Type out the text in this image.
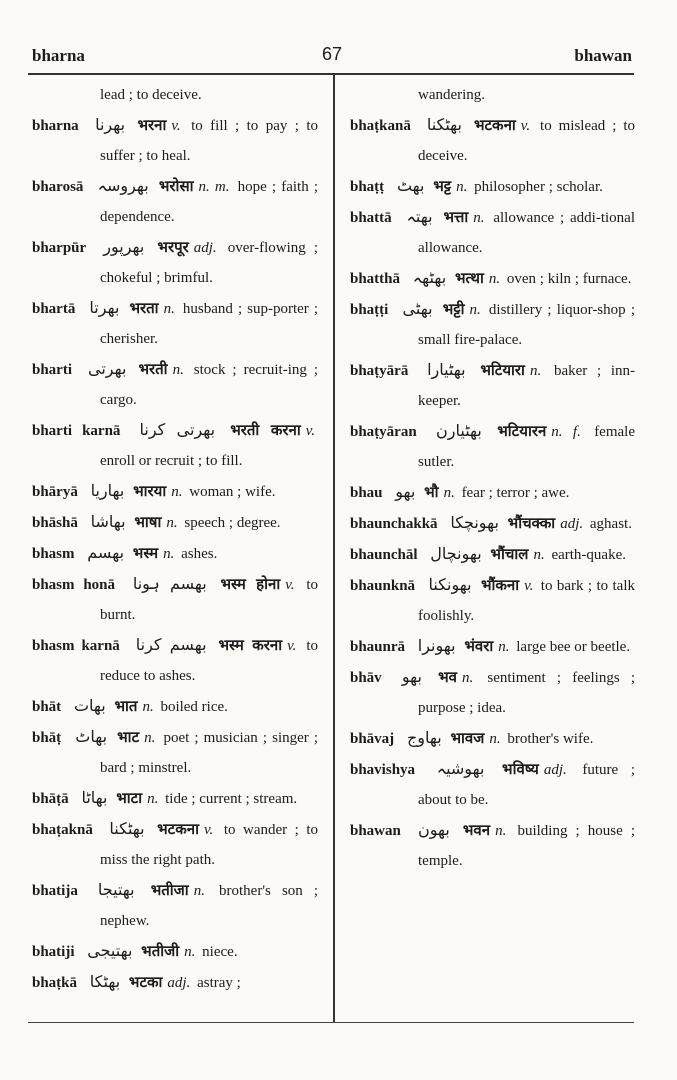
bharna	67	bhawan
lead ; to deceive.
bharna بھرنا भरना v. to fill ; to pay ; to suffer ; to heal.
bharosā بھروسہ भरोसा n. m. hope ; faith ; dependence.
bharpūr بھرپور भरपूर adj. over-flowing ; chokeful ; brimful.
bhartā بھرتا भरता n. husband ; sup-porter ; cherisher.
bharti بھرتی भरती n. stock ; recruit-ing ; cargo.
bharti karnā بھرتی کرنا भरती करना v. enroll or recruit ; to fill.
bhāryā بھاریا भारया n. woman ; wife.
bhāshā بھاشا भाषा n. speech ; degree.
bhasm بھسم भस्म n. ashes.
bhasm honā بھسم ہونا भस्म होना v. to burnt.
bhasm karnā بھسم کرنا भस्म करना v. to reduce to ashes.
bhāt بھات भात n. boiled rice.
bhāṭ بھاٹ भाट n. poet ; musician ; singer ; bard ; minstrel.
bhāṭā بھاٹا भाटा n. tide ; current ; stream.
bhaṭaknā بھٹکنا भटकना v. to wander ; to miss the right path.
bhatija بھتیجا भतीजा n. brother's son ; nephew.
bhatiji بھتیجی भतीजी n. niece.
bhaṭkā بھٹکا भटका adj. astray ;
wandering.
bhaṭkanā بھٹکنا भटकना v. to mislead ; to deceive.
bhaṭṭ بھٹ भट्ट n. philosopher ; scholar.
bhattā بھتہ भत्ता n. allowance ; addi-tional allowance.
bhatthā بھٹھہ भत्था n. oven ; kiln ; furnace.
bhaṭṭi بھٹی भट्टी n. distillery ; liquor-shop ; small fire-palace.
bhaṭyārā بھٹیارا भटियारा n. baker ; inn-keeper.
bhaṭyāran بھٹیارن भटियारन n. f. female sutler.
bhau بھو भौ n. fear ; terror ; awe.
bhaunchakkā بھونچکا भौंचक्का adj. aghast.
bhaunchāl بھونچال भौंचाल n. earth-quake.
bhaunknā بھونکنا भौंकना v. to bark ; to talk foolishly.
bhaunrā بھونرا भंवरा n. large bee or beetle.
bhāv بھو भव n. sentiment ; feelings ; purpose ; idea.
bhāvaj بھاوج भावज n. brother's wife.
bhavishya بھوشیہ भविष्य adj. future ; about to be.
bhawan بھون भवन n. building ; house ; temple.
